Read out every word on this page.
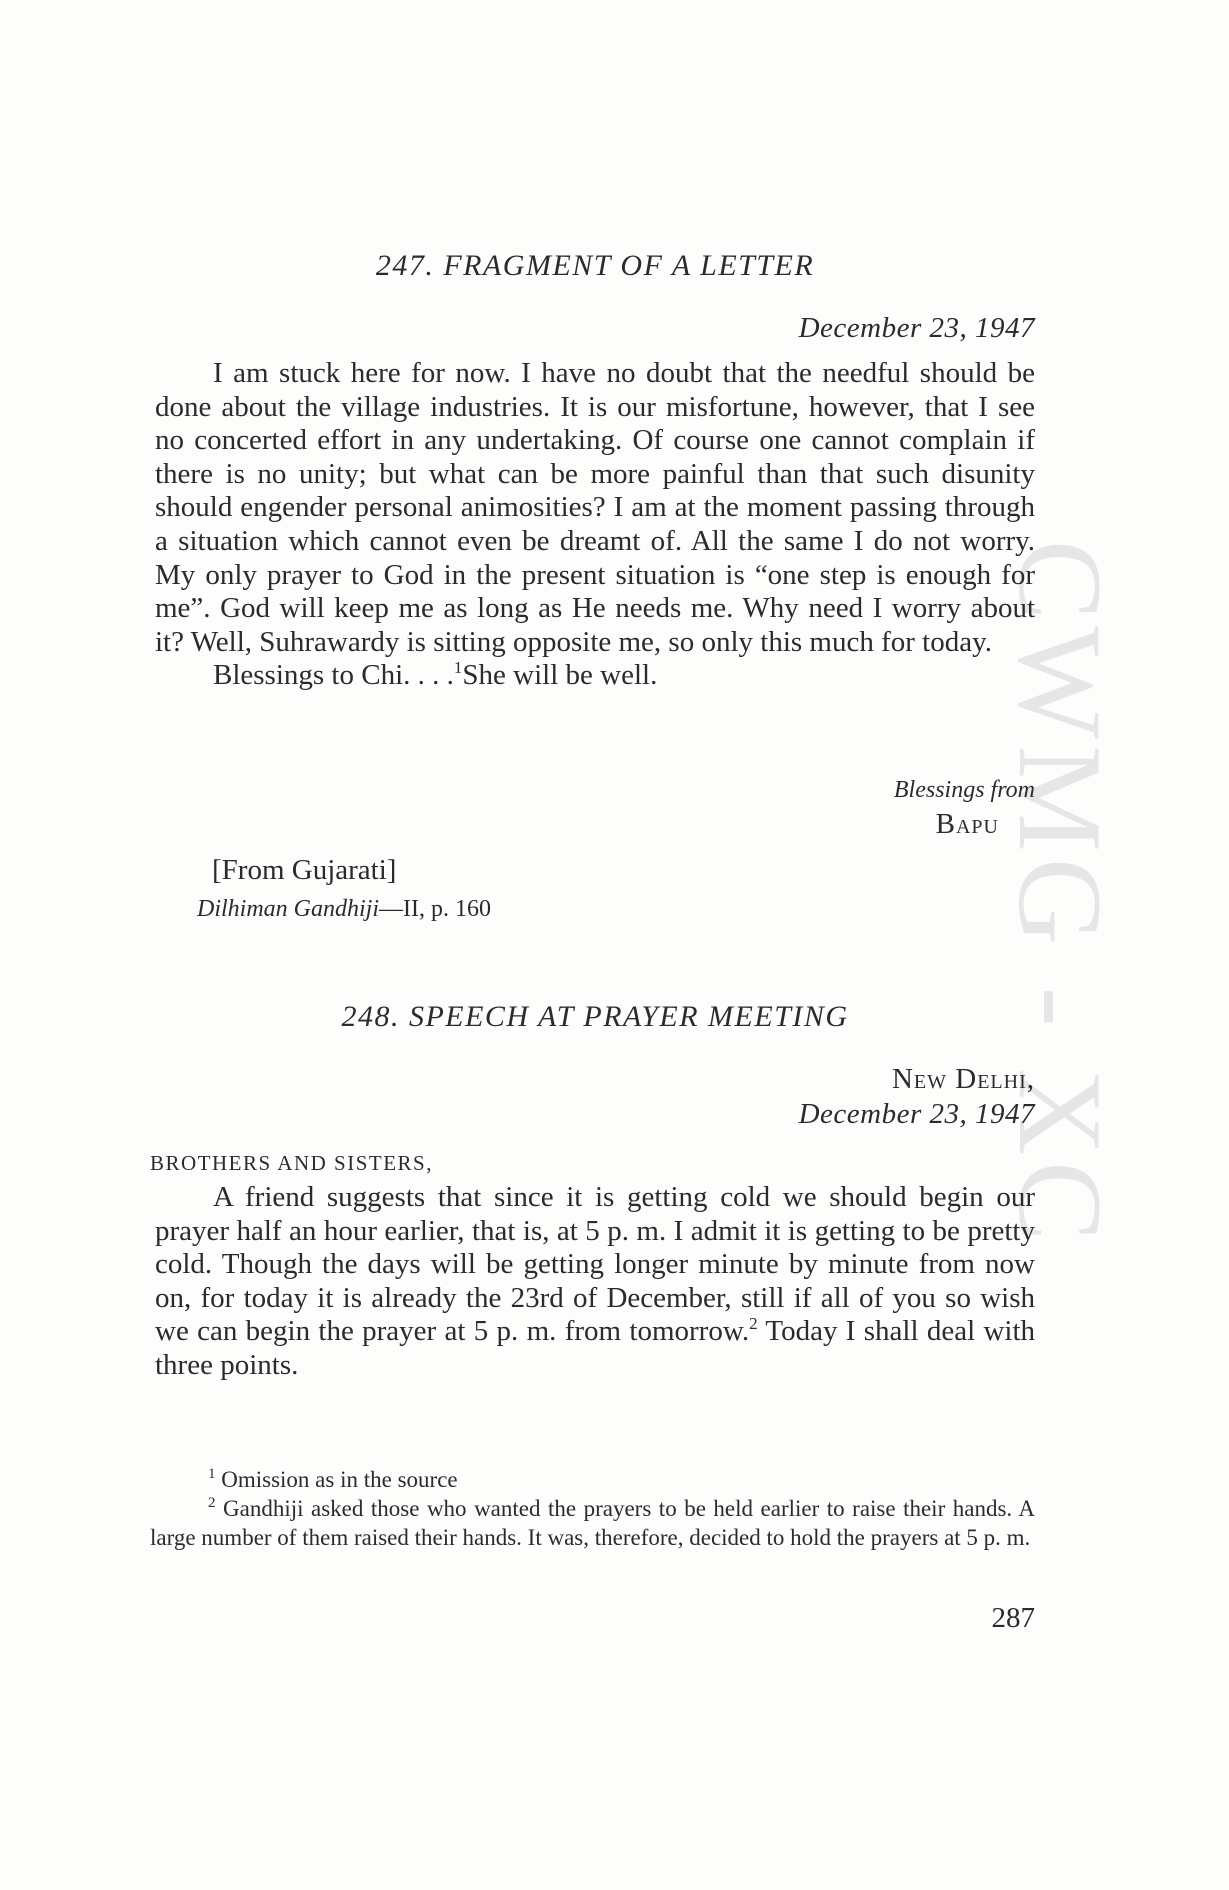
CWMG - XC
247. FRAGMENT OF A LETTER
December 23, 1947

I am stuck here for now. I have no doubt that the needful should be done about the village industries. It is our misfortune, however, that I see no concerted effort in any undertaking. Of course one cannot complain if there is no unity; but what can be more painful than that such disunity should engender personal animosities? I am at the moment passing through a situation which cannot even be dreamt of. All the same I do not worry. My only prayer to God in the present situation is “one step is enough for me”. God will keep me as long as He needs me. Why need I worry about it? Well, Suhrawardy is sitting opposite me, so only this much for today.

Blessings to Chi. . . .$^1$She will be well.

Blessings from
Bapu
[From Gujarati]
Dilhiman Gandhiji—II, p. 160
248. SPEECH AT PRAYER MEETING
New Delhi,
December 23, 1947
BROTHERS AND SISTERS,

A friend suggests that since it is getting cold we should begin our prayer half an hour earlier, that is, at 5 p. m. I admit it is getting to be pretty cold. Though the days will be getting longer minute by minute from now on, for today it is already the 23rd of December, still if all of you so wish we can begin the prayer at 5 p. m. from tomorrow.$^2$ Today I shall deal with three points.

$^1$ Omission as in the source

$^2$ Gandhiji asked those who wanted the prayers to be held earlier to raise their hands. A large number of them raised their hands. It was, therefore, decided to hold the prayers at 5 p. m.

287
